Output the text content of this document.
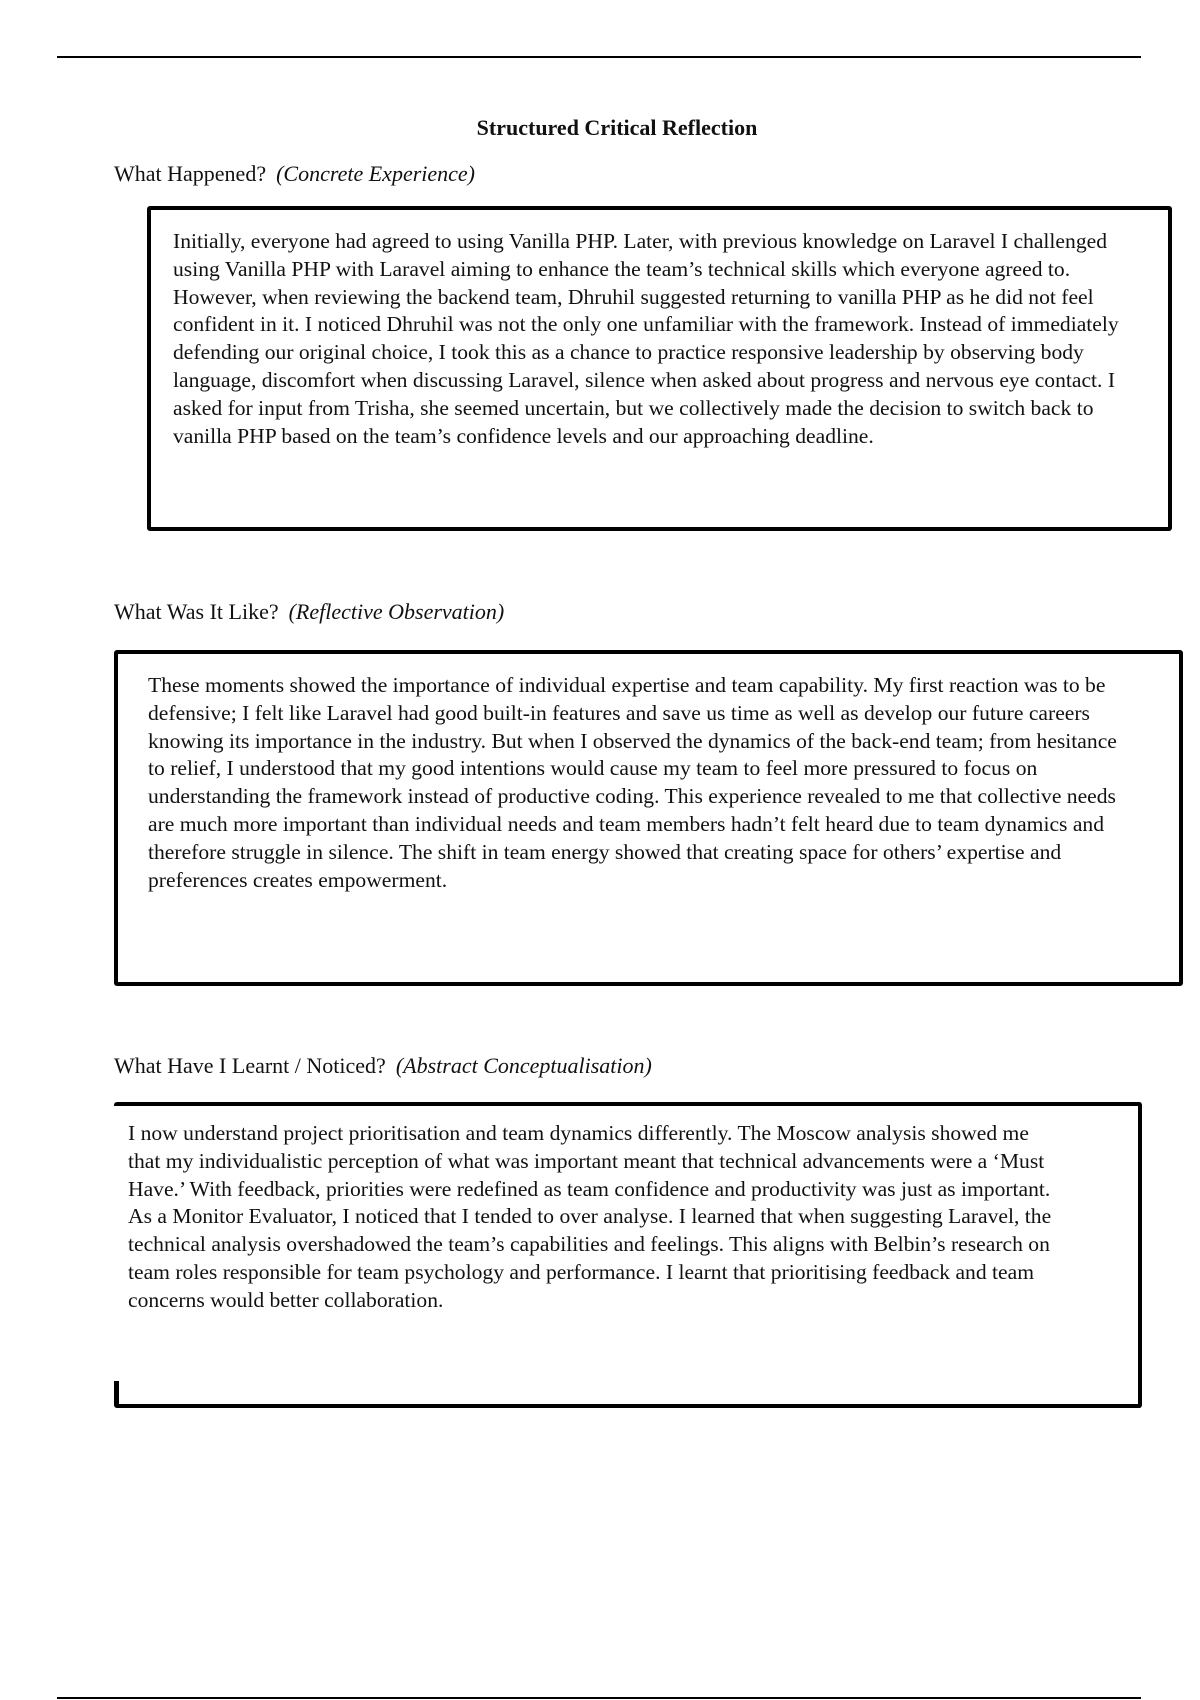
Structured Critical Reflection
What Happened? (Concrete Experience)

Initially, everyone had agreed to using Vanilla PHP. Later, with previous knowledge on Laravel I challenged using Vanilla PHP with Laravel aiming to enhance the team’s technical skills which everyone agreed to. However, when reviewing the backend team, Dhruhil suggested returning to vanilla PHP as he did not feel confident in it. I noticed Dhruhil was not the only one unfamiliar with the framework. Instead of immediately defending our original choice, I took this as a chance to practice responsive leadership by observing body language, discomfort when discussing Laravel, silence when asked about progress and nervous eye contact. I asked for input from Trisha, she seemed uncertain, but we collectively made the decision to switch back to vanilla PHP based on the team’s confidence levels and our approaching deadline.

What Was It Like? (Reflective Observation)

These moments showed the importance of individual expertise and team capability. My first reaction was to be defensive; I felt like Laravel had good built-in features and save us time as well as develop our future careers knowing its importance in the industry. But when I observed the dynamics of the back-end team; from hesitance to relief, I understood that my good intentions would cause my team to feel more pressured to focus on understanding the framework instead of productive coding. This experience revealed to me that collective needs are much more important than individual needs and team members hadn’t felt heard due to team dynamics and therefore struggle in silence. The shift in team energy showed that creating space for others’ expertise and preferences creates empowerment.

What Have I Learnt / Noticed? (Abstract Conceptualisation)

I now understand project prioritisation and team dynamics differently. The Moscow analysis showed me that my individualistic perception of what was important meant that technical advancements were a ‘Must Have.’ With feedback, priorities were redefined as team confidence and productivity was just as important. As a Monitor Evaluator, I noticed that I tended to over analyse. I learned that when suggesting Laravel, the technical analysis overshadowed the team’s capabilities and feelings. This aligns with Belbin’s research on team roles responsible for team psychology and performance. I learnt that prioritising feedback and team concerns would better collaboration.
